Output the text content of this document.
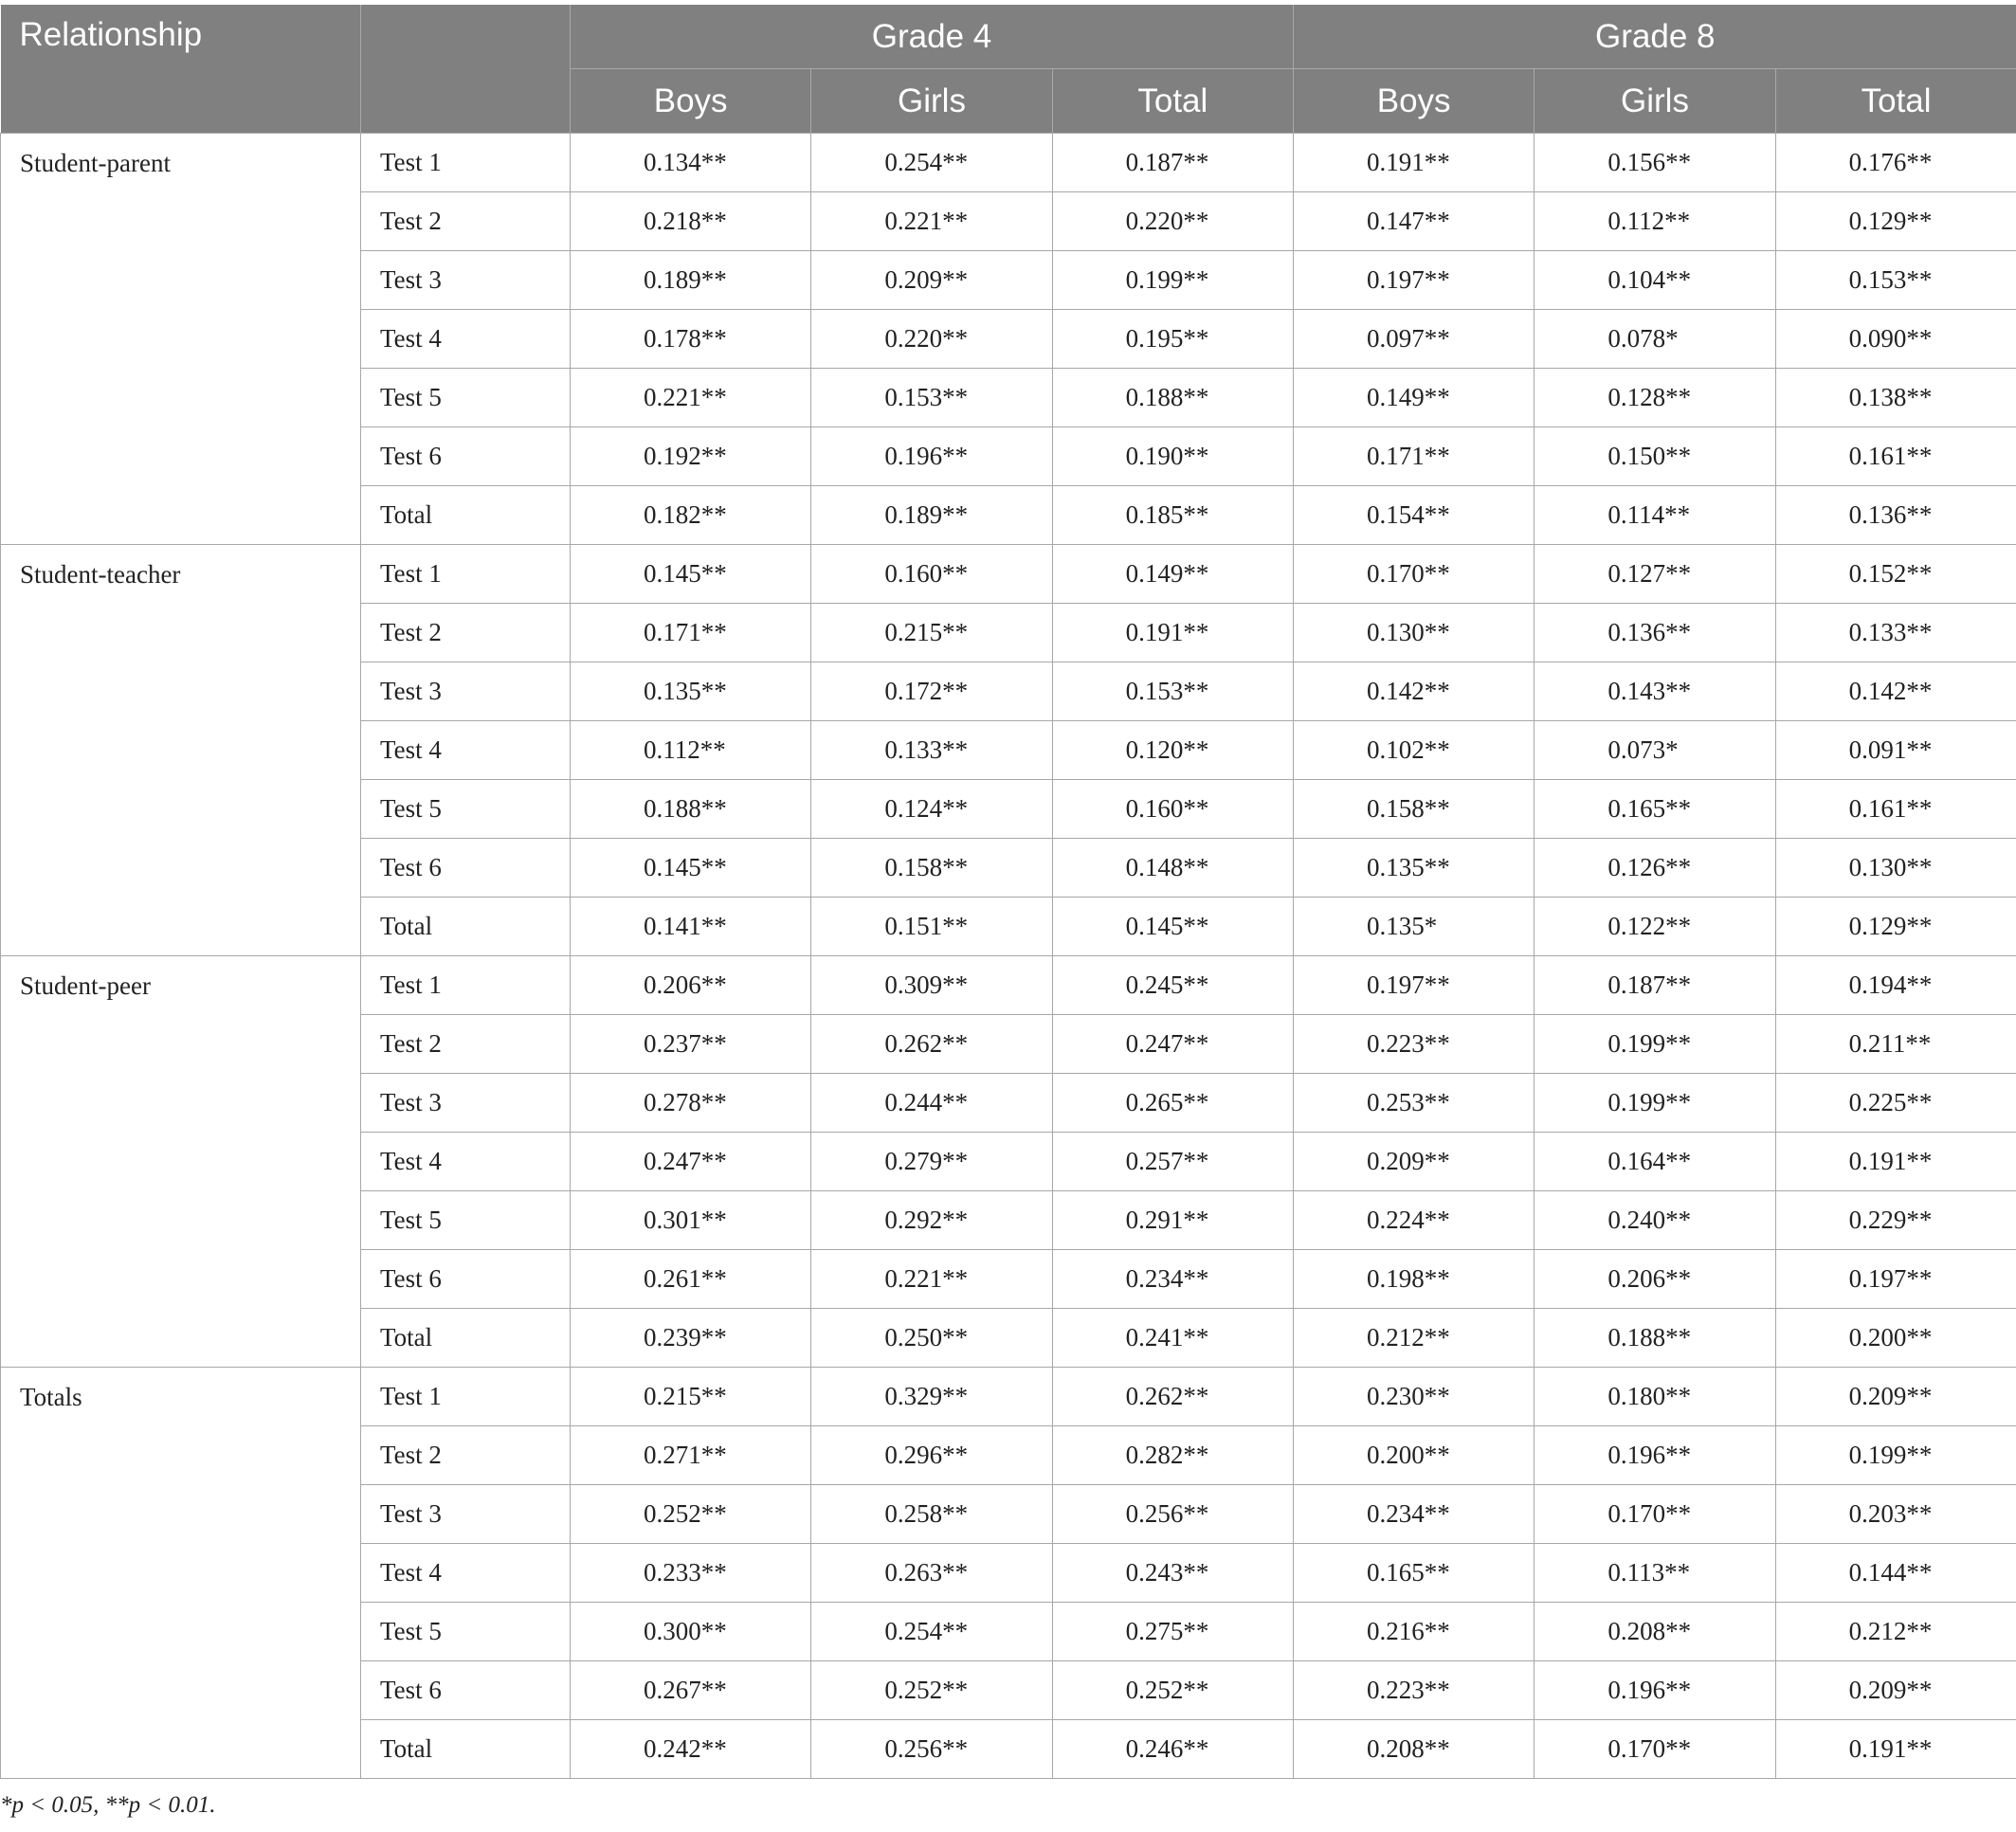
Relationship		Grade 4			Grade 8		
		Boys	Girls	Total	Boys	Girls	Total
Student-parent	Test 1	0.134**	0.254**	0.187**	0.191**	0.156**	0.176**
	Test 2	0.218**	0.221**	0.220**	0.147**	0.112**	0.129**
	Test 3	0.189**	0.209**	0.199**	0.197**	0.104**	0.153**
	Test 4	0.178**	0.220**	0.195**	0.097**	0.078*	0.090**
	Test 5	0.221**	0.153**	0.188**	0.149**	0.128**	0.138**
	Test 6	0.192**	0.196**	0.190**	0.171**	0.150**	0.161**
	Total	0.182**	0.189**	0.185**	0.154**	0.114**	0.136**
Student-teacher	Test 1	0.145**	0.160**	0.149**	0.170**	0.127**	0.152**
	Test 2	0.171**	0.215**	0.191**	0.130**	0.136**	0.133**
	Test 3	0.135**	0.172**	0.153**	0.142**	0.143**	0.142**
	Test 4	0.112**	0.133**	0.120**	0.102**	0.073*	0.091**
	Test 5	0.188**	0.124**	0.160**	0.158**	0.165**	0.161**
	Test 6	0.145**	0.158**	0.148**	0.135**	0.126**	0.130**
	Total	0.141**	0.151**	0.145**	0.135*	0.122**	0.129**
Student-peer	Test 1	0.206**	0.309**	0.245**	0.197**	0.187**	0.194**
	Test 2	0.237**	0.262**	0.247**	0.223**	0.199**	0.211**
	Test 3	0.278**	0.244**	0.265**	0.253**	0.199**	0.225**
	Test 4	0.247**	0.279**	0.257**	0.209**	0.164**	0.191**
	Test 5	0.301**	0.292**	0.291**	0.224**	0.240**	0.229**
	Test 6	0.261**	0.221**	0.234**	0.198**	0.206**	0.197**
	Total	0.239**	0.250**	0.241**	0.212**	0.188**	0.200**
Totals	Test 1	0.215**	0.329**	0.262**	0.230**	0.180**	0.209**
	Test 2	0.271**	0.296**	0.282**	0.200**	0.196**	0.199**
	Test 3	0.252**	0.258**	0.256**	0.234**	0.170**	0.203**
	Test 4	0.233**	0.263**	0.243**	0.165**	0.113**	0.144**
	Test 5	0.300**	0.254**	0.275**	0.216**	0.208**	0.212**
	Test 6	0.267**	0.252**	0.252**	0.223**	0.196**	0.209**
	Total	0.242**	0.256**	0.246**	0.208**	0.170**	0.191**
*p < 0.05, **p < 0.01.
